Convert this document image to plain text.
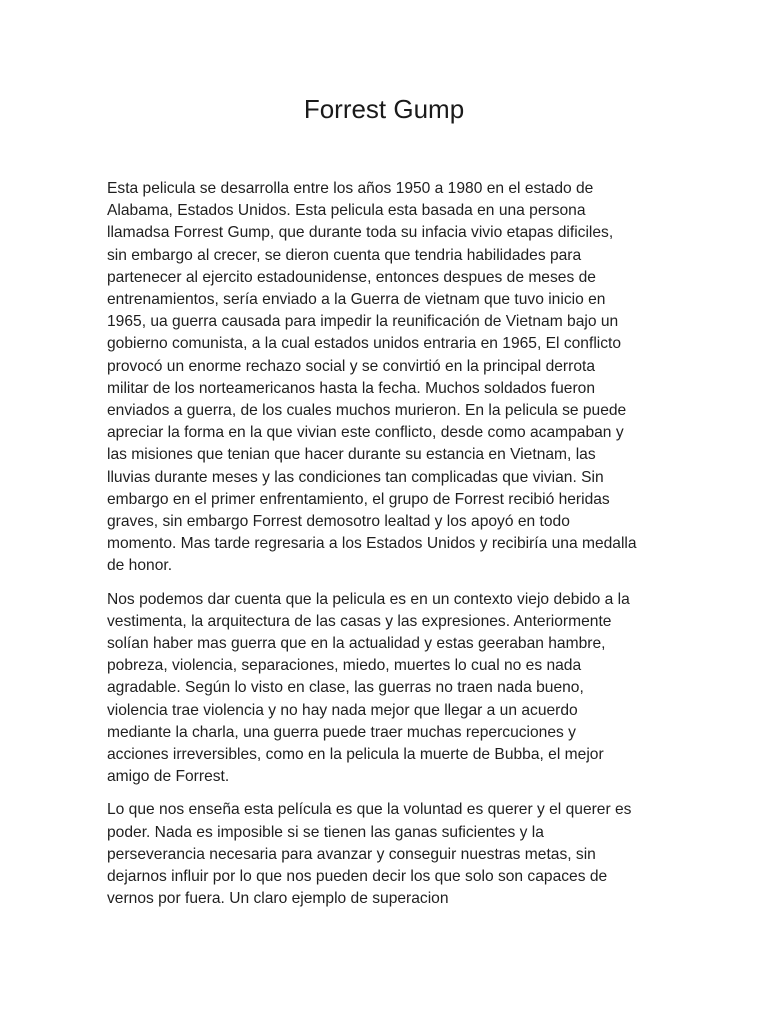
Forrest Gump

Esta pelicula se desarrolla entre los años 1950 a 1980 en el estado de
Alabama, Estados Unidos. Esta pelicula esta basada en una persona
llamadsa Forrest Gump, que durante toda su infacia vivio etapas dificiles,
sin embargo al crecer, se dieron cuenta que tendria habilidades para
partenecer al ejercito estadounidense, entonces despues de meses de
entrenamientos, sería enviado a la Guerra de vietnam que tuvo inicio en
1965, ua guerra causada para impedir la reunificación de Vietnam bajo un
gobierno comunista, a la cual estados unidos entraria en 1965, El conflicto
provocó un enorme rechazo social y se convirtió en la principal derrota
militar de los norteamericanos hasta la fecha. Muchos soldados fueron
enviados a guerra, de los cuales muchos murieron. En la pelicula se puede
apreciar la forma en la que vivian este conflicto, desde como acampaban y
las misiones que tenian que hacer durante su estancia en Vietnam, las
lluvias durante meses y las condiciones tan complicadas que vivian. Sin
embargo en el primer enfrentamiento, el grupo de Forrest recibió heridas
graves, sin embargo Forrest demosotro lealtad y los apoyó en todo
momento. Mas tarde regresaria a los Estados Unidos y recibiría una medalla
de honor.

Nos podemos dar cuenta que la pelicula es en un contexto viejo debido a la
vestimenta, la arquitectura de las casas y las expresiones. Anteriormente
solían haber mas guerra que en la actualidad y estas geeraban hambre,
pobreza, violencia, separaciones, miedo, muertes lo cual no es nada
agradable. Según lo visto en clase, las guerras no traen nada bueno,
violencia trae violencia y no hay nada mejor que llegar a un acuerdo
mediante la charla, una guerra puede traer muchas repercuciones y
acciones irreversibles, como en la pelicula la muerte de Bubba, el mejor
amigo de Forrest.

Lo que nos enseña esta película es que la voluntad es querer y el querer es
poder. Nada es imposible si se tienen las ganas suficientes y la
perseverancia necesaria para avanzar y conseguir nuestras metas, sin
dejarnos influir por lo que nos pueden decir los que solo son capaces de
vernos por fuera. Un claro ejemplo de superacion
